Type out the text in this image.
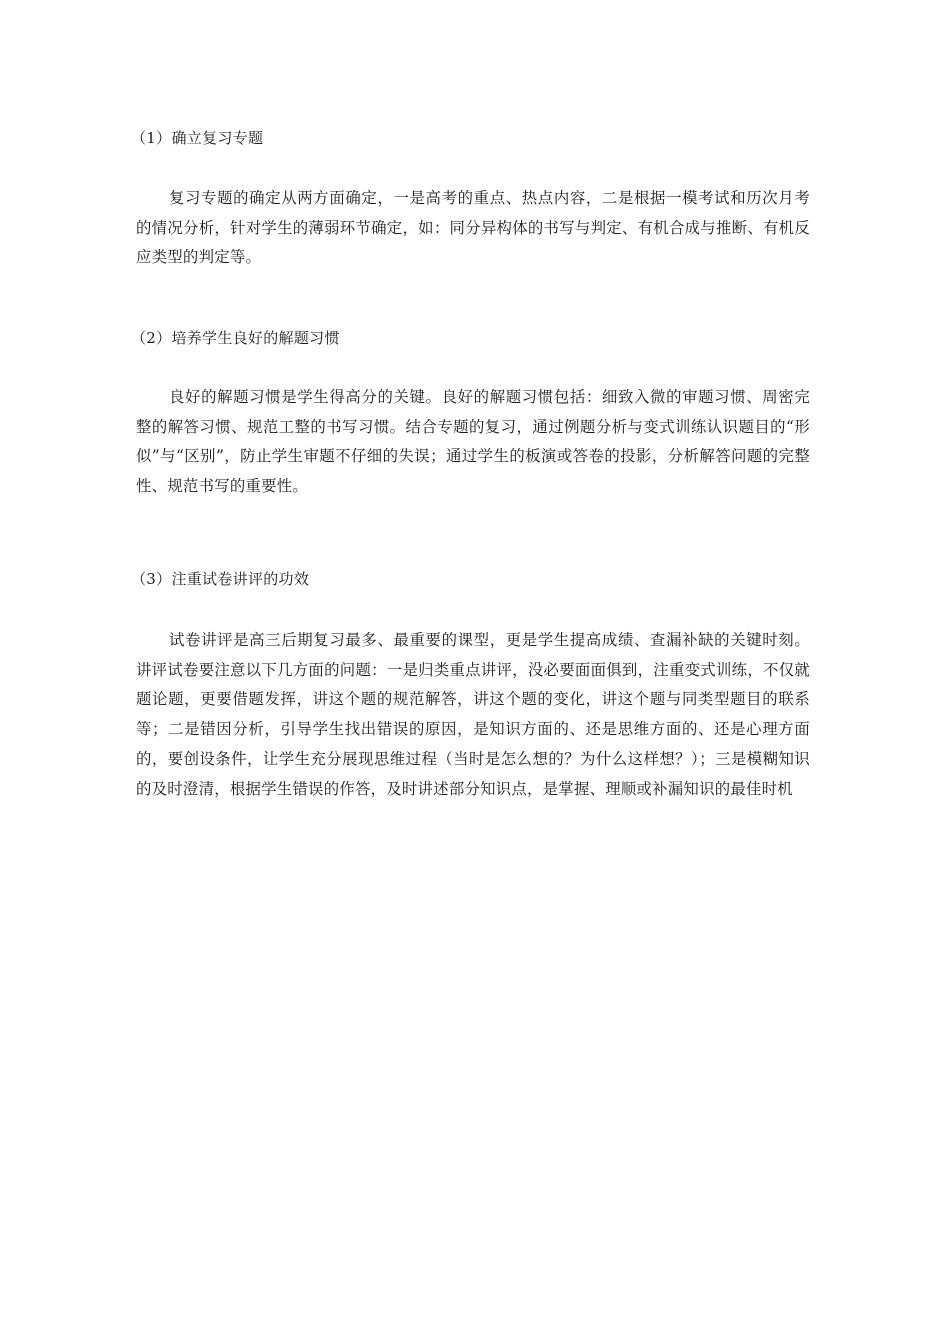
（1）确立复习专题

复习专题的确定从两方面确定，一是高考的重点、热点内容，二是根据一模考试和历次月考的情况分析，针对学生的薄弱环节确定，如：同分异构体的书写与判定、有机合成与推断、有机反应类型的判定等。

（2）培养学生良好的解题习惯

良好的解题习惯是学生得高分的关键。良好的解题习惯包括：细致入微的审题习惯、周密完整的解答习惯、规范工整的书写习惯。结合专题的复习，通过例题分析与变式训练认识题目的“形似”与“区别”，防止学生审题不仔细的失误；通过学生的板演或答卷的投影，分析解答问题的完整性、规范书写的重要性。

（3）注重试卷讲评的功效

试卷讲评是高三后期复习最多、最重要的课型，更是学生提高成绩、查漏补缺的关键时刻。讲评试卷要注意以下几方面的问题：一是归类重点讲评，没必要面面俱到，注重变式训练，不仅就题论题，更要借题发挥，讲这个题的规范解答，讲这个题的变化，讲这个题与同类型题目的联系等；二是错因分析，引导学生找出错误的原因，是知识方面的、还是思维方面的、还是心理方面的，要创设条件，让学生充分展现思维过程（当时是怎么想的？为什么这样想？）；三是模糊知识的及时澄清，根据学生错误的作答，及时讲述部分知识点，是掌握、理顺或补漏知识的最佳时机
